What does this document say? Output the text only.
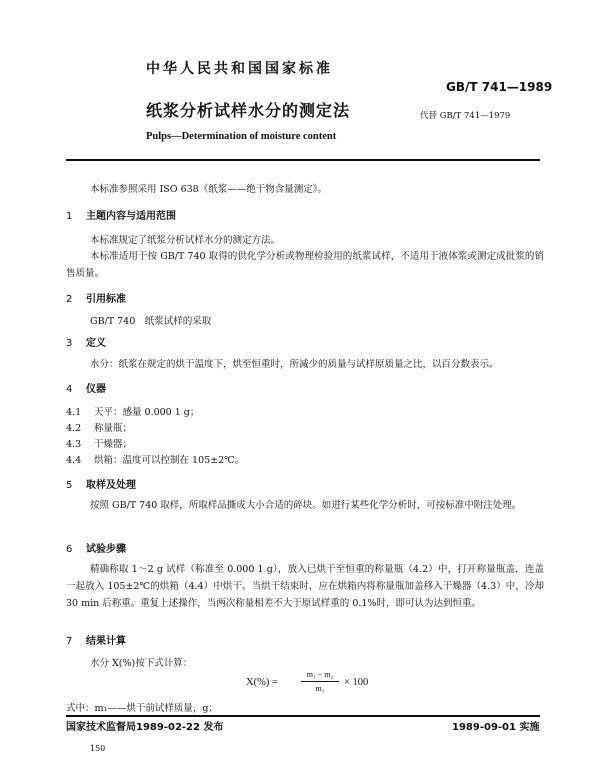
中华人民共和国国家标准
GB/T 741—1989
纸浆分析试样水分的测定法	代替 GB/T 741—1979
Pulps—Determination of moisture content
本标准参照采用 ISO 638《纸浆——绝干物含量测定》。
1 主题内容与适用范围
本标准规定了纸浆分析试样水分的测定方法。
本标准适用于按 GB/T 740 取得的供化学分析或物理检验用的纸浆试样，不适用于液体浆或测定成批浆的销售质量。
2 引用标准
GB/T 740　纸浆试样的采取
3 定义
水分：纸浆在规定的烘干温度下，烘至恒重时，所减少的质量与试样原质量之比，以百分数表示。
4 仪器
4.1 天平：感量 0.000 1 g；
4.2 称量瓶；
4.3 干燥器；
4.4 烘箱：温度可以控制在 105±2℃。
5 取样及处理
按照 GB/T 740 取样，所取样品撕成大小合适的碎块。如进行某些化学分析时，可按标准中附注处理。
6 试验步骤
精确称取 1～2 g 试样（称准至 0.000 1 g），放入已烘干至恒重的称量瓶（4.2）中，打开称量瓶盖，连盖一起放入 105±2℃的烘箱（4.4）中烘干。当烘干结束时，应在烘箱内将称量瓶加盖移入干燥器（4.3）中，冷却 30 min 后称重。重复上述操作，当两次称量相差不大于原试样重的 0.1%时，即可认为达到恒重。
7 结果计算
水分 X(%)按下式计算：
X(%) =
m₁ − m₂
m₁
× 100
式中：m₁——烘干前试样质量，g；
国家技术监督局1989-02-22 发布	1989-09-01 实施
150
